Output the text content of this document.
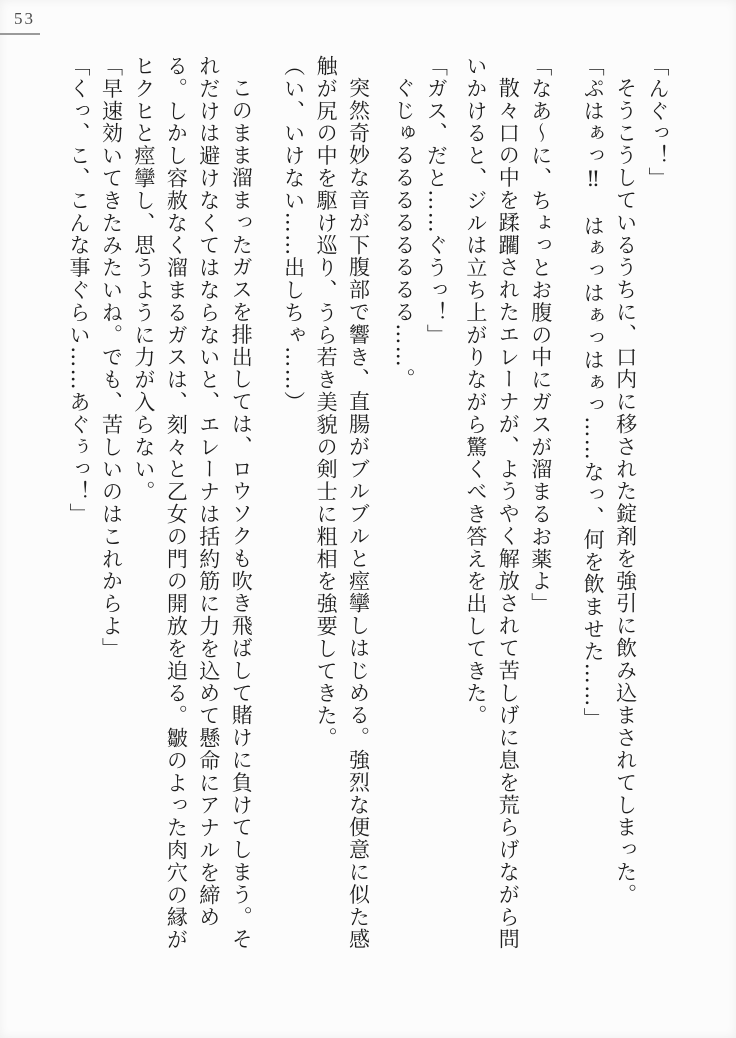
53

「んぐっ！」

そうこうしているうちに、口内に移された錠剤を強引に飲み込まされてしまった。

「ぷはぁっ‼　はぁっはぁっはぁっ……なっ、何を飲ませた……」

「なあ〜に、ちょっとお腹の中にガスが溜まるお薬よ」

散々口の中を蹂躙されたエレーナが、ようやく解放されて苦しげに息を荒らげながら問いかけると、ジルは立ち上がりながら驚くべき答えを出してきた。

「ガス、だと……ぐうっ！」

ぐじゅるるるるるるるる……。

突然奇妙な音が下腹部で響き、直腸がブルブルと痙攣しはじめる。強烈な便意に似た感触が尻の中を駆け巡り、うら若き美貌の剣士に粗相を強要してきた。

（い、いけない……出しちゃ……）

このまま溜まったガスを排出しては、ロウソクも吹き飛ばして賭けに負けてしまう。それだけは避けなくてはならないと、エレーナは括約筋に力を込めて懸命にアナルを締める。しかし容赦なく溜まるガスは、刻々と乙女の門の開放を迫る。皺のよった肉穴の縁がヒクヒと痙攣し、思うように力が入らない。

「早速効いてきたみたいね。でも、苦しいのはこれからよ」

「くっ、こ、こんな事ぐらい……あぐぅっ！」
